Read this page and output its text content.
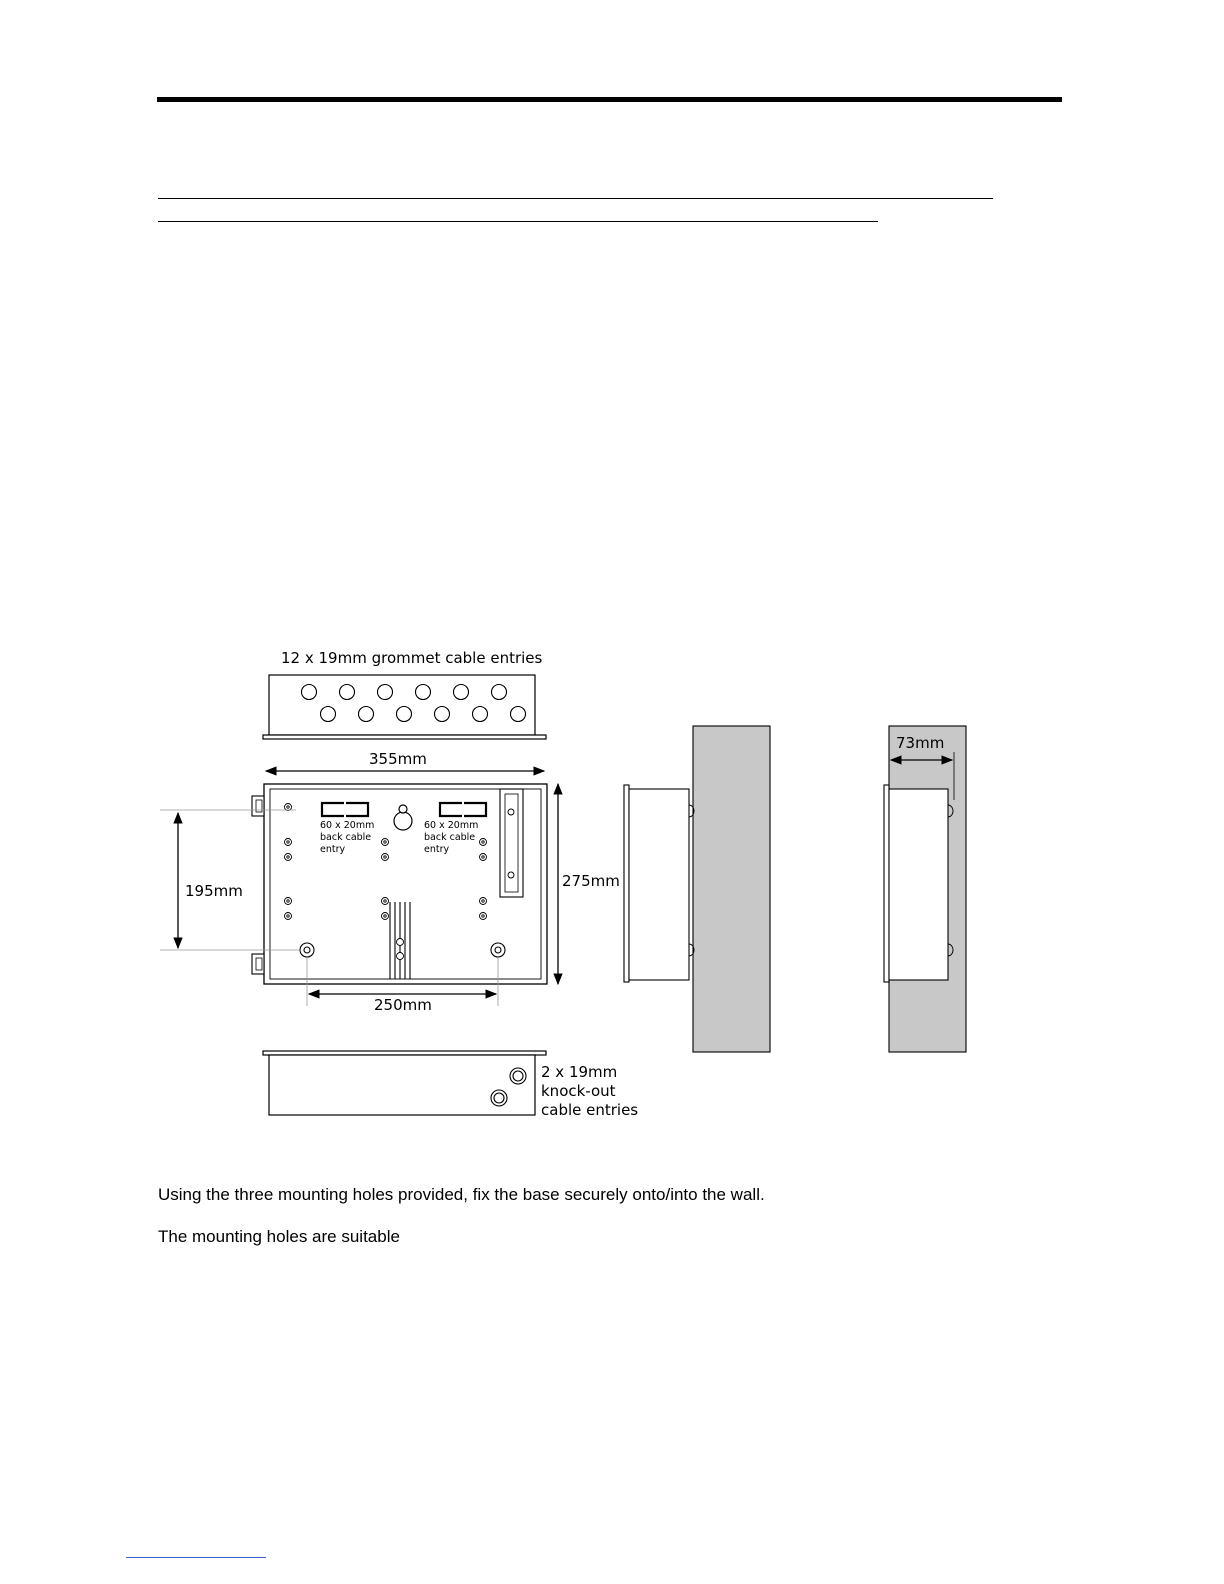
12 x 19mm grommet cable entries
355mm
60 x 20mm
back cable
entry
60 x 20mm
back cable
entry
195mm
275mm
250mm
2 x 19mm
knock-out
cable entries
73mm
Using the three mounting holes provided, fix the base securely onto/into the wall.
The mounting holes are suitable
